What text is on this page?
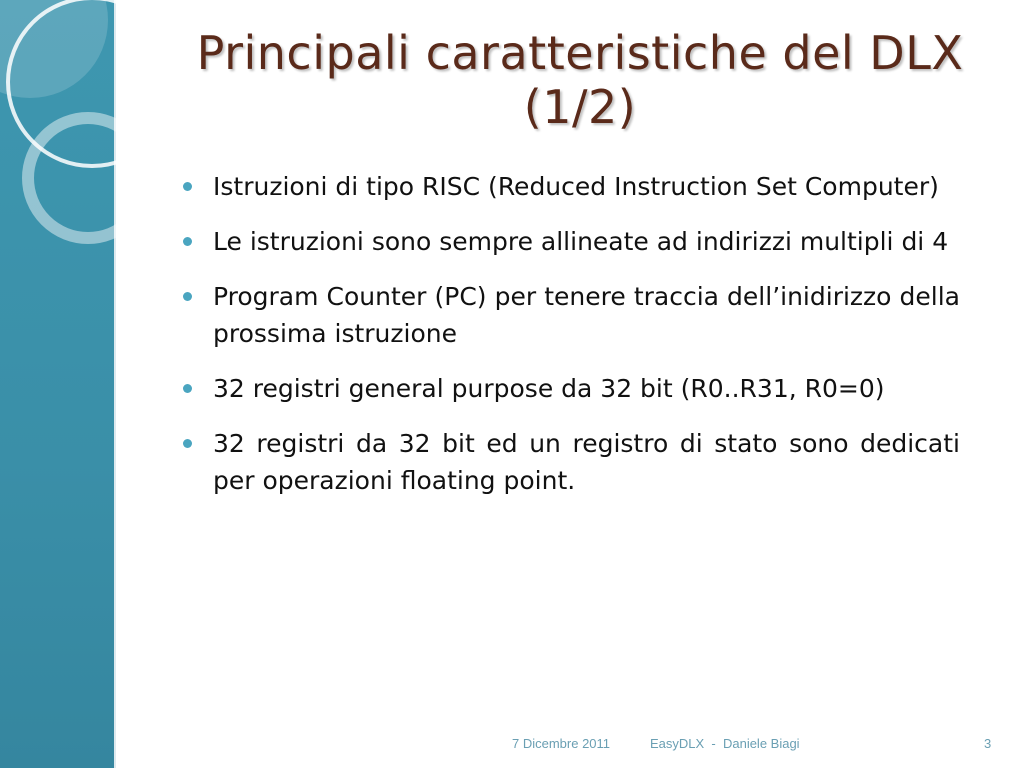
Principali caratteristiche del DLX (1/2)
Istruzioni di tipo RISC (Reduced Instruction Set Computer)
Le istruzioni sono sempre allineate ad indirizzi multipli di 4
Program Counter (PC) per tenere traccia dell’inidirizzo della prossima istruzione
32 registri general purpose da 32 bit (R0..R31, R0=0)
32 registri da 32 bit ed un registro di stato sono dedicati per operazioni floating point.
7 Dicembre 2011	EasyDLX  -  Daniele Biagi	3
